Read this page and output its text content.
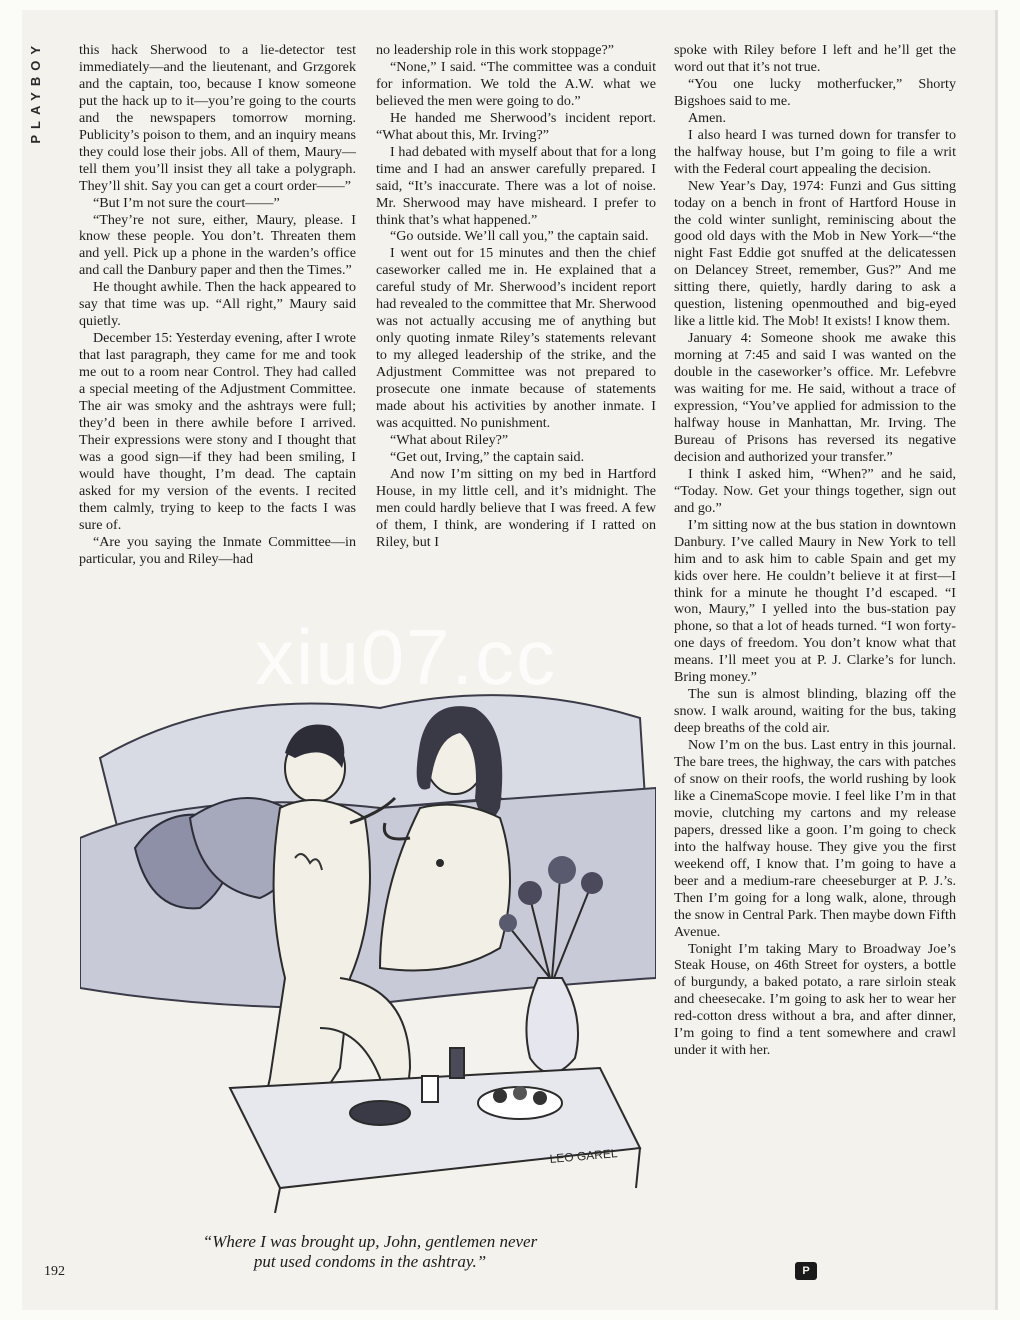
PLAYBOY	this hack Sherwood to a lie-detector test immediately—and the lieutenant, and Grzgorek and the captain, too, because I know someone put the hack up to it—you’re going to the courts and the newspapers tomorrow morning. Publicity’s poison to them, and an inquiry means they could lose their jobs. All of them, Maury—tell them you’ll insist they all take a polygraph. They’ll shit. Say you can get a court order——”

“But I’m not sure the court——”

“They’re not sure, either, Maury, please. I know these people. You don’t. Threaten them and yell. Pick up a phone in the warden’s office and call the Danbury paper and then the Times.”

He thought awhile. Then the hack appeared to say that time was up. “All right,” Maury said quietly.

December 15: Yesterday evening, after I wrote that last paragraph, they came for me and took me out to a room near Control. They had called a special meeting of the Adjustment Committee. The air was smoky and the ashtrays were full; they’d been in there awhile before I arrived. Their expressions were stony and I thought that was a good sign—if they had been smiling, I would have thought, I’m dead. The captain asked for my version of the events. I recited them calmly, trying to keep to the facts I was sure of.

“Are you saying the Inmate Committee—in particular, you and Riley—had

no leadership role in this work stoppage?”

“None,” I said. “The committee was a conduit for information. We told the A.W. what we believed the men were going to do.”

He handed me Sherwood’s incident report. “What about this, Mr. Irving?”

I had debated with myself about that for a long time and I had an answer carefully prepared. I said, “It’s inaccurate. There was a lot of noise. Mr. Sherwood may have misheard. I prefer to think that’s what happened.”

“Go outside. We’ll call you,” the captain said.

I went out for 15 minutes and then the chief caseworker called me in. He explained that a careful study of Mr. Sherwood’s incident report had revealed to the committee that Mr. Sherwood was not actually accusing me of anything but only quoting inmate Riley’s statements relevant to my alleged leadership of the strike, and the Adjustment Committee was not prepared to prosecute one inmate because of statements made about his activities by another inmate. I was acquitted. No punishment.

“What about Riley?”

“Get out, Irving,” the captain said.

And now I’m sitting on my bed in Hartford House, in my little cell, and it’s midnight. The men could hardly believe that I was freed. A few of them, I think, are wondering if I ratted on Riley, but I

spoke with Riley before I left and he’ll get the word out that it’s not true.

“You one lucky motherfucker,” Shorty Bigshoes said to me.

Amen.

I also heard I was turned down for transfer to the halfway house, but I’m going to file a writ with the Federal court appealing the decision.

New Year’s Day, 1974: Funzi and Gus sitting today on a bench in front of Hartford House in the cold winter sunlight, reminiscing about the good old days with the Mob in New York—“the night Fast Eddie got snuffed at the delicatessen on Delancey Street, remember, Gus?” And me sitting there, quietly, hardly daring to ask a question, listening openmouthed and big-eyed like a little kid. The Mob! It exists! I know them.

January 4: Someone shook me awake this morning at 7:45 and said I was wanted on the double in the caseworker’s office. Mr. Lefebvre was waiting for me. He said, without a trace of expression, “You’ve applied for admission to the halfway house in Manhattan, Mr. Irving. The Bureau of Prisons has reversed its negative decision and authorized your transfer.”

I think I asked him, “When?” and he said, “Today. Now. Get your things together, sign out and go.”

I’m sitting now at the bus station in downtown Danbury. I’ve called Maury in New York to tell him and to ask him to cable Spain and get my kids over here. He couldn’t believe it at first—I think for a minute he thought I’d escaped. “I won, Maury,” I yelled into the bus-station pay phone, so that a lot of heads turned. “I won forty-one days of freedom. You don’t know what that means. I’ll meet you at P. J. Clarke’s for lunch. Bring money.”

The sun is almost blinding, blazing off the snow. I walk around, waiting for the bus, taking deep breaths of the cold air.

Now I’m on the bus. Last entry in this journal. The bare trees, the highway, the cars with patches of snow on their roofs, the world rushing by look like a CinemaScope movie. I feel like I’m in that movie, clutching my cartons and my release papers, dressed like a goon. I’m going to check into the halfway house. They give you the first weekend off, I know that. I’m going to have a beer and a medium-rare cheeseburger at P. J.’s. Then I’m going for a long walk, alone, through the snow in Central Park. Then maybe down Fifth Avenue.

Tonight I’m taking Mary to Broadway Joe’s Steak House, on 46th Street for oysters, a bottle of burgundy, a baked potato, a rare sirloin steak and cheesecake. I’m going to ask her to wear her red-cotton dress without a bra, and after dinner, I’m going to find a tent somewhere and crawl under it with her.

LEO GAREL
“Where I was brought up, John, gentlemen never
put used condoms in the ashtray.”
192	P
xiu07.cc
